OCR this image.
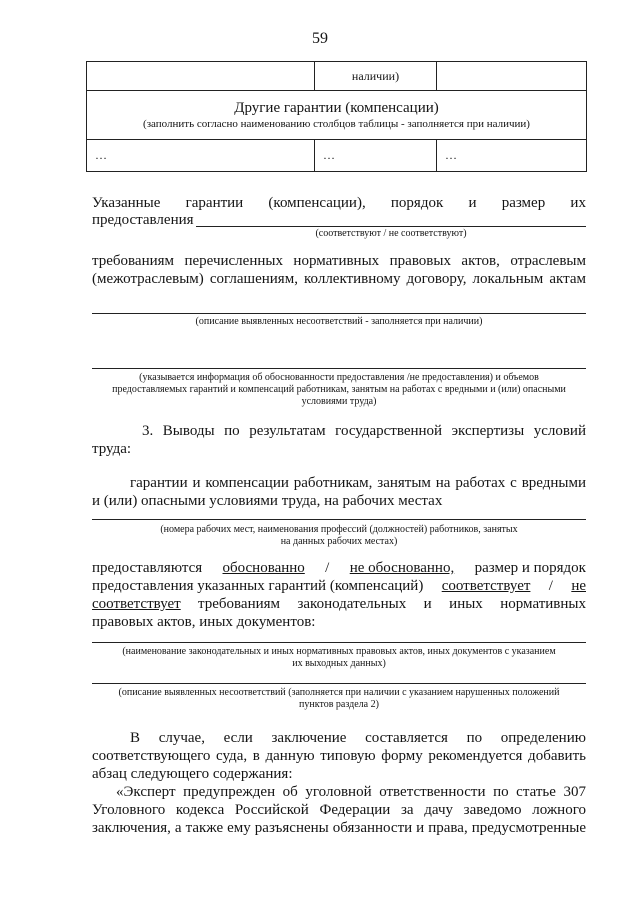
59
	наличии)	

Другие гарантии (компенсации)
(заполнить согласно наименованию столбцов таблицы - заполняется при наличии)		

…	…	…
Указанные гарантии (компенсации), порядок и размер их
предоставления
(соответствуют / не соответствуют)
требованиям перечисленных нормативных правовых актов, отраслевым
(межотраслевым) соглашениям, коллективному договору, локальным актам
(описание выявленных несоответствий - заполняется при наличии)
(указывается информация об обоснованности предоставления /не предоставления) и объемов
предоставляемых гарантий и компенсаций работникам, занятым на работах с вредными и (или) опасными
условиями труда)
3. Выводы по результатам государственной экспертизы условий
труда:
гарантии и компенсации работникам, занятым на работах с вредными
и (или) опасными условиями труда, на рабочих местах
(номера рабочих мест, наименования профессий (должностей) работников, занятых
на данных рабочих местах)
предоставляются обоснованно / не обоснованно, размер и порядок
предоставления указанных гарантий (компенсаций) соответствует / не
соответствует требованиям законодательных и иных нормативных
правовых актов, иных документов:
(наименование законодательных и иных нормативных правовых актов, иных документов с указанием
их выходных данных)
(описание выявленных несоответствий (заполняется при наличии с указанием нарушенных положений
пунктов раздела 2)
В случае, если заключение составляется по определению
соответствующего суда, в данную типовую форму рекомендуется добавить
абзац следующего содержания:
«Эксперт предупрежден об уголовной ответственности по статье 307
Уголовного кодекса Российской Федерации за дачу заведомо ложного
заключения, а также ему разъяснены обязанности и права, предусмотренные
